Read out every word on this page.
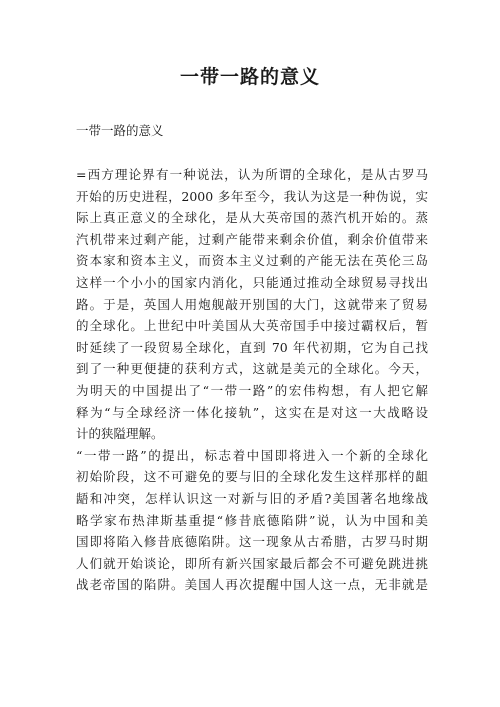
一带一路的意义

一带一路的意义

=西方理论界有一种说法，认为所谓的全球化，是从古罗马
开始的历史进程，2000 多年至今，我认为这是一种伪说，实
际上真正意义的全球化，是从大英帝国的蒸汽机开始的。蒸
汽机带来过剩产能，过剩产能带来剩余价值，剩余价值带来
资本家和资本主义，而资本主义过剩的产能无法在英伦三岛
这样一个小小的国家内消化，只能通过推动全球贸易寻找出
路。于是，英国人用炮舰敲开别国的大门，这就带来了贸易
的全球化。上世纪中叶美国从大英帝国手中接过霸权后，暂
时延续了一段贸易全球化，直到 70 年代初期，它为自己找
到了一种更便捷的获利方式，这就是美元的全球化。今天，
为明天的中国提出了“一带一路”的宏伟构想，有人把它解
释为“与全球经济一体化接轨”，这实在是对这一大战略设
计的狭隘理解。
“一带一路”的提出，标志着中国即将进入一个新的全球化
初始阶段，这不可避免的要与旧的全球化发生这样那样的龃
龉和冲突，怎样认识这一对新与旧的矛盾?美国著名地缘战
略学家布热津斯基重提“修昔底德陷阱”说，认为中国和美
国即将陷入修昔底德陷阱。这一现象从古希腊，古罗马时期
人们就开始谈论，即所有新兴国家最后都会不可避免跳进挑
战老帝国的陷阱。美国人再次提醒中国人这一点，无非就是
